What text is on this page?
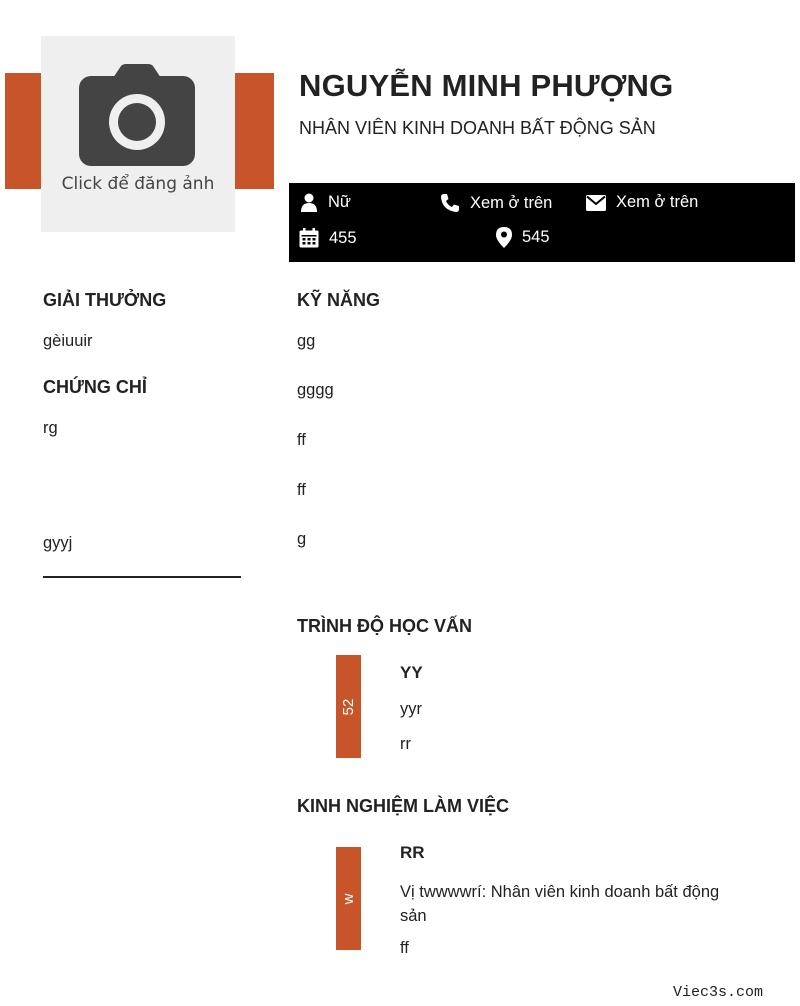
Click để đăng ảnh
NGUYỄN MINH PHƯỢNG
NHÂN VIÊN KINH DOANH BẤT ĐỘNG SẢN
Nữ	Xem ở trên	Xem ở trên
455	545
GIẢI THƯỞNG
gèiuuir
CHỨNG CHỈ
rg
gyyj
KỸ NĂNG
gg
gggg
ff
ff
g
TRÌNH ĐỘ HỌC VẤN
52
YY
yyr
rr
KINH NGHIỆM LÀM VIỆC
w
RR
Vị twwwwrí: Nhân viên kinh doanh bất động sản
ff
Viec3s.com
